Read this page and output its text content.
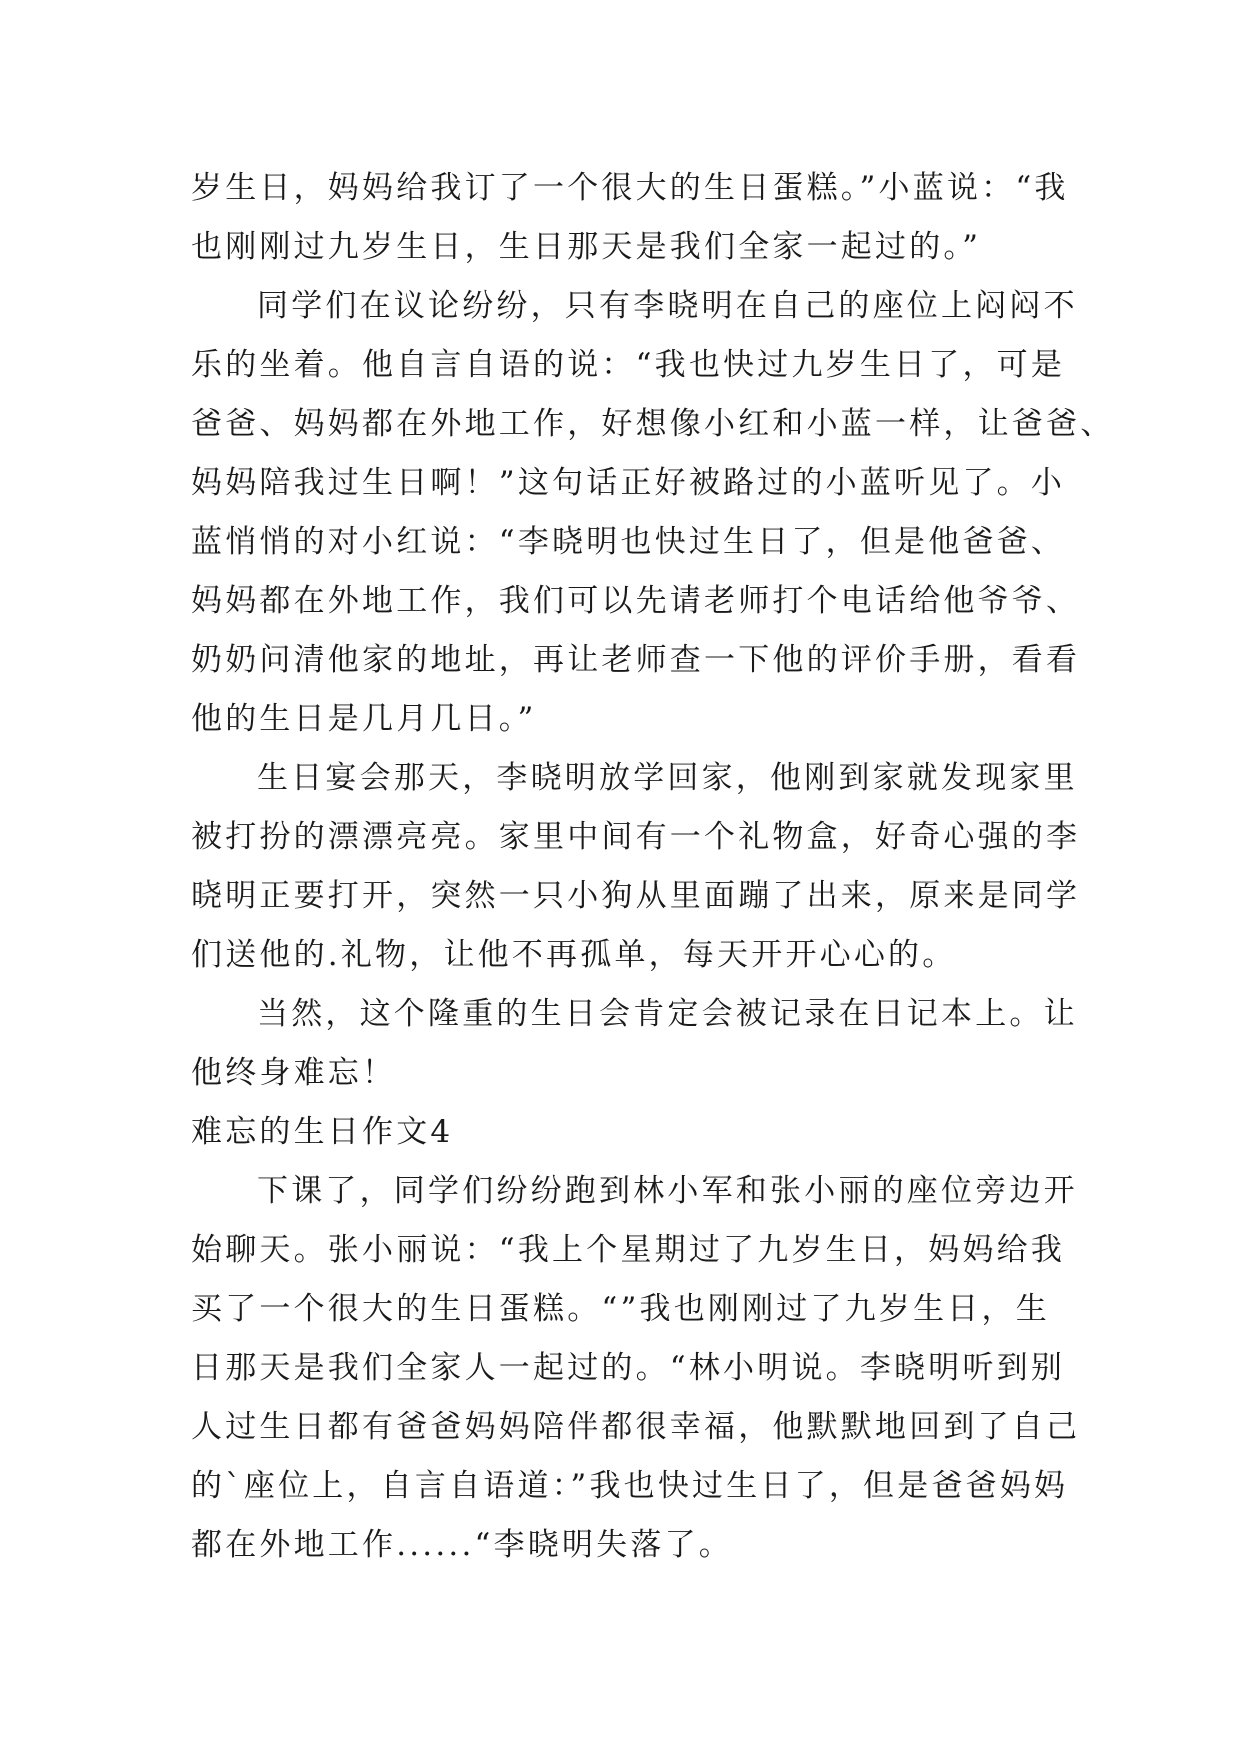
岁生日，妈妈给我订了一个很大的生日蛋糕。”小蓝说：“我
也刚刚过九岁生日，生日那天是我们全家一起过的。”
同学们在议论纷纷，只有李晓明在自己的座位上闷闷不
乐的坐着。他自言自语的说：“我也快过九岁生日了，可是
爸爸、妈妈都在外地工作，好想像小红和小蓝一样，让爸爸、
妈妈陪我过生日啊！”这句话正好被路过的小蓝听见了。小
蓝悄悄的对小红说：“李晓明也快过生日了，但是他爸爸、
妈妈都在外地工作，我们可以先请老师打个电话给他爷爷、
奶奶问清他家的地址，再让老师查一下他的评价手册，看看
他的生日是几月几日。”
生日宴会那天，李晓明放学回家，他刚到家就发现家里
被打扮的漂漂亮亮。家里中间有一个礼物盒，好奇心强的李
晓明正要打开，突然一只小狗从里面蹦了出来，原来是同学
们送他的.礼物，让他不再孤单，每天开开心心的。
当然，这个隆重的生日会肯定会被记录在日记本上。让
他终身难忘！
难忘的生日作文4
下课了，同学们纷纷跑到林小军和张小丽的座位旁边开
始聊天。张小丽说：“我上个星期过了九岁生日，妈妈给我
买了一个很大的生日蛋糕。“”我也刚刚过了九岁生日，生
日那天是我们全家人一起过的。“林小明说。李晓明听到别
人过生日都有爸爸妈妈陪伴都很幸福，他默默地回到了自己
的`座位上，自言自语道：”我也快过生日了，但是爸爸妈妈
都在外地工作......“李晓明失落了。
